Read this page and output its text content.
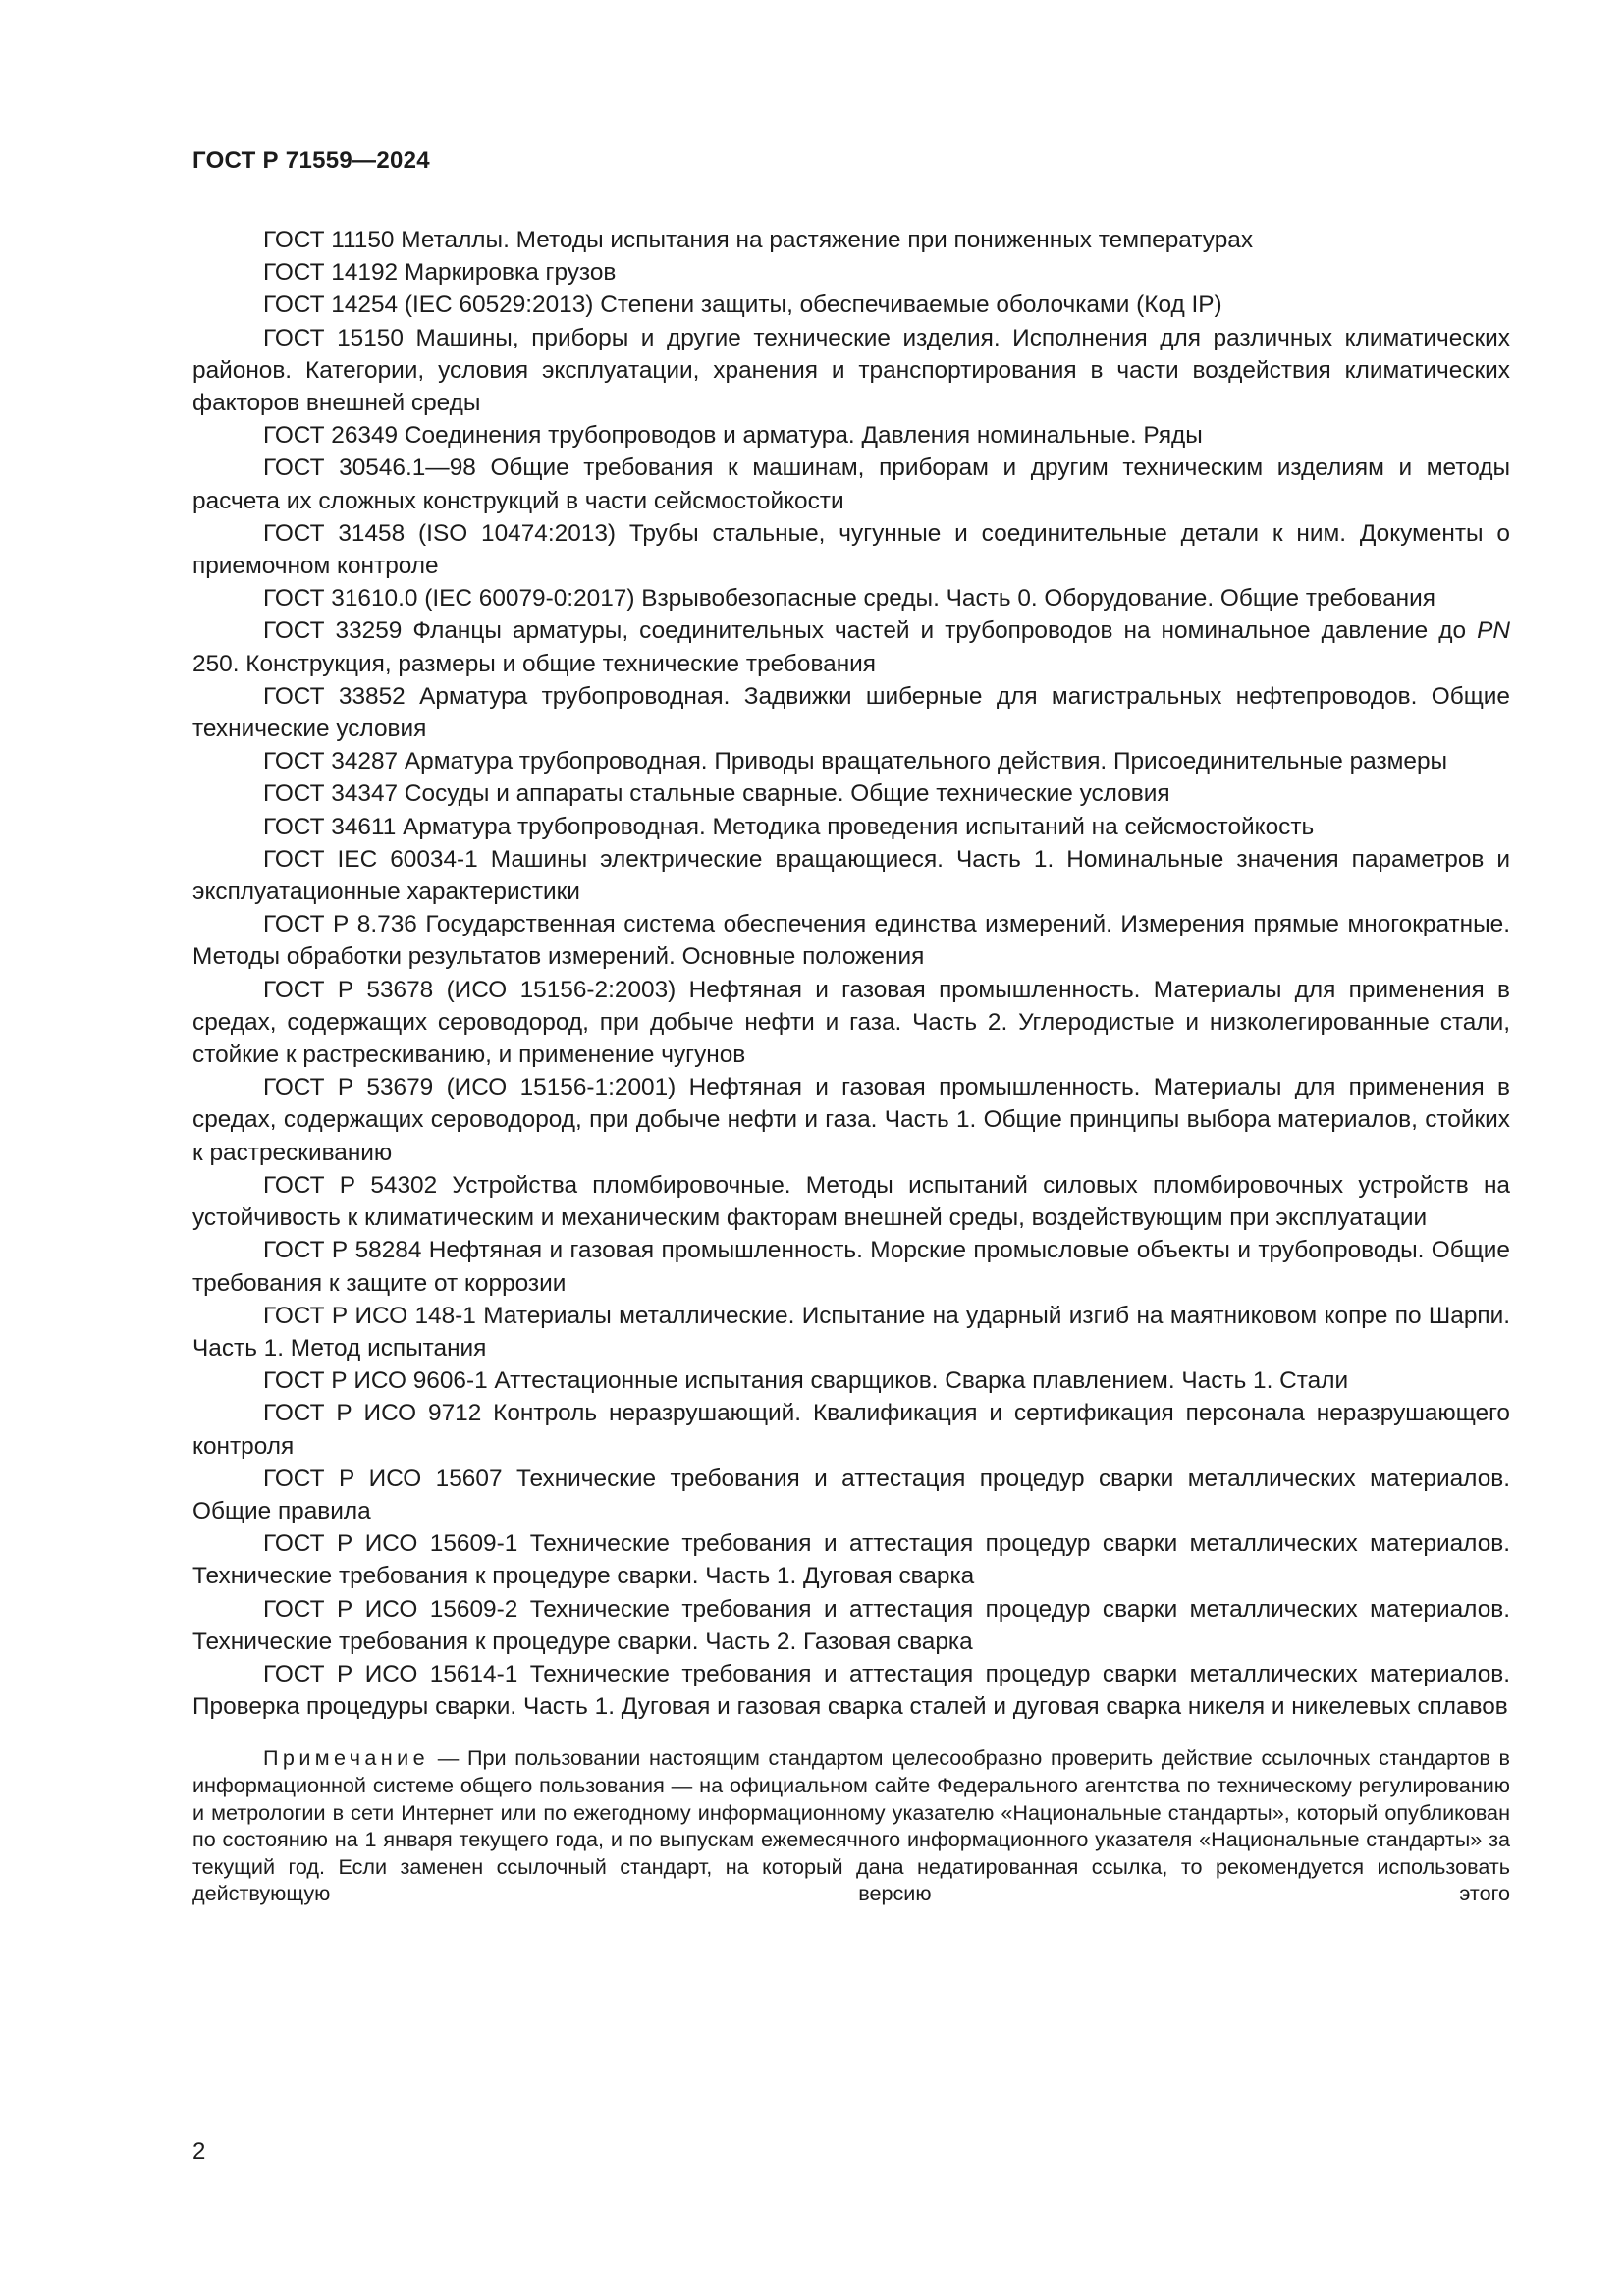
ГОСТ Р 71559—2024

ГОСТ 11150 Металлы. Методы испытания на растяжение при пониженных температурах

ГОСТ 14192 Маркировка грузов

ГОСТ 14254 (IEC 60529:2013) Степени защиты, обеспечиваемые оболочками (Код IP)

ГОСТ 15150 Машины, приборы и другие технические изделия. Исполнения для различных климатических районов. Категории, условия эксплуатации, хранения и транспортирования в части воздействия климатических факторов внешней среды

ГОСТ 26349 Соединения трубопроводов и арматура. Давления номинальные. Ряды

ГОСТ 30546.1—98 Общие требования к машинам, приборам и другим техническим изделиям и методы расчета их сложных конструкций в части сейсмостойкости

ГОСТ 31458 (ISO 10474:2013) Трубы стальные, чугунные и соединительные детали к ним. Документы о приемочном контроле

ГОСТ 31610.0 (IEC 60079-0:2017) Взрывобезопасные среды. Часть 0. Оборудование. Общие требования

ГОСТ 33259 Фланцы арматуры, соединительных частей и трубопроводов на номинальное давление до PN 250. Конструкция, размеры и общие технические требования

ГОСТ 33852 Арматура трубопроводная. Задвижки шиберные для магистральных нефтепроводов. Общие технические условия

ГОСТ 34287 Арматура трубопроводная. Приводы вращательного действия. Присоединительные размеры

ГОСТ 34347 Сосуды и аппараты стальные сварные. Общие технические условия

ГОСТ 34611 Арматура трубопроводная. Методика проведения испытаний на сейсмостойкость

ГОСТ IEC 60034-1 Машины электрические вращающиеся. Часть 1. Номинальные значения параметров и эксплуатационные характеристики

ГОСТ Р 8.736 Государственная система обеспечения единства измерений. Измерения прямые многократные. Методы обработки результатов измерений. Основные положения

ГОСТ Р 53678 (ИСО 15156-2:2003) Нефтяная и газовая промышленность. Материалы для применения в средах, содержащих сероводород, при добыче нефти и газа. Часть 2. Углеродистые и низколегированные стали, стойкие к растрескиванию, и применение чугунов

ГОСТ Р 53679 (ИСО 15156-1:2001) Нефтяная и газовая промышленность. Материалы для применения в средах, содержащих сероводород, при добыче нефти и газа. Часть 1. Общие принципы выбора материалов, стойких к растрескиванию

ГОСТ Р 54302 Устройства пломбировочные. Методы испытаний силовых пломбировочных устройств на устойчивость к климатическим и механическим факторам внешней среды, воздействующим при эксплуатации

ГОСТ Р 58284 Нефтяная и газовая промышленность. Морские промысловые объекты и трубопроводы. Общие требования к защите от коррозии

ГОСТ Р ИСО 148-1 Материалы металлические. Испытание на ударный изгиб на маятниковом копре по Шарпи. Часть 1. Метод испытания

ГОСТ Р ИСО 9606-1 Аттестационные испытания сварщиков. Сварка плавлением. Часть 1. Стали

ГОСТ Р ИСО 9712 Контроль неразрушающий. Квалификация и сертификация персонала неразрушающего контроля

ГОСТ Р ИСО 15607 Технические требования и аттестация процедур сварки металлических материалов. Общие правила

ГОСТ Р ИСО 15609-1 Технические требования и аттестация процедур сварки металлических материалов. Технические требования к процедуре сварки. Часть 1. Дуговая сварка

ГОСТ Р ИСО 15609-2 Технические требования и аттестация процедур сварки металлических материалов. Технические требования к процедуре сварки. Часть 2. Газовая сварка

ГОСТ Р ИСО 15614-1 Технические требования и аттестация процедур сварки металлических материалов. Проверка процедуры сварки. Часть 1. Дуговая и газовая сварка сталей и дуговая сварка никеля и никелевых сплавов

Примечание — При пользовании настоящим стандартом целесообразно проверить действие ссылочных стандартов в информационной системе общего пользования — на официальном сайте Федерального агентства по техническому регулированию и метрологии в сети Интернет или по ежегодному информационному указателю «Национальные стандарты», который опубликован по состоянию на 1 января текущего года, и по выпускам ежемесячного информационного указателя «Национальные стандарты» за текущий год. Если заменен ссылочный стандарт, на который дана недатированная ссылка, то рекомендуется использовать действующую версию этого

2
